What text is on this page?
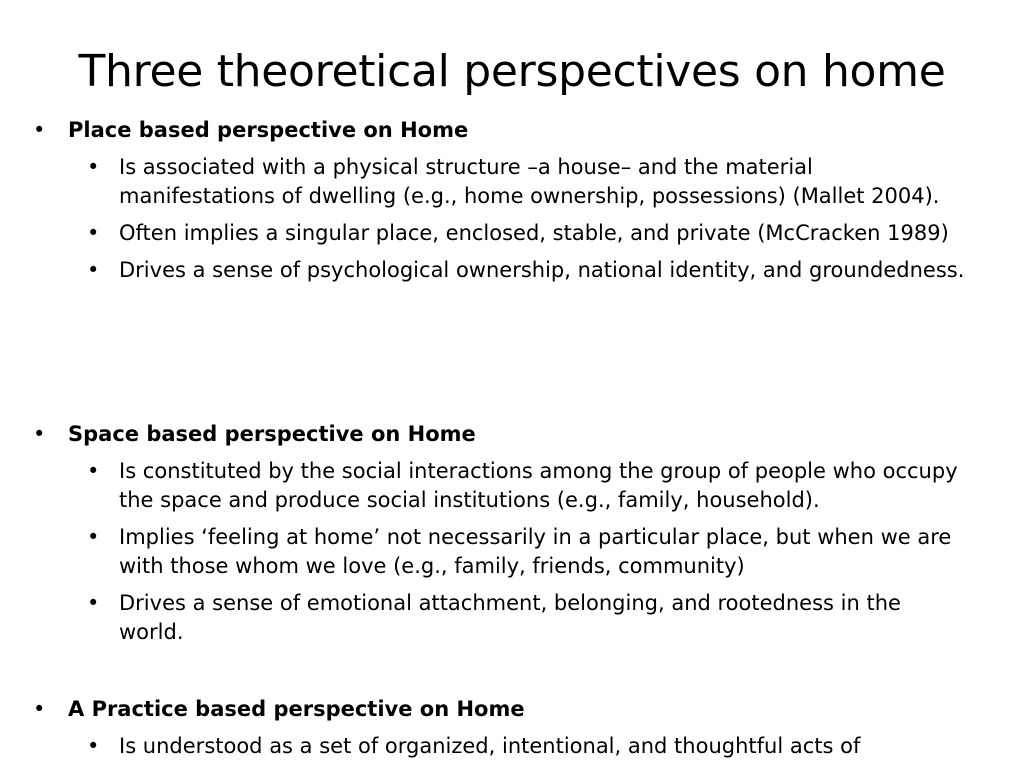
Three theoretical perspectives on home
• Place based perspective on Home
• Is associated with a physical structure –a house– and the material manifestations of dwelling (e.g., home ownership, possessions) (Mallet 2004).
• Often implies a singular place, enclosed, stable, and private (McCracken 1989)
• Drives a sense of psychological ownership, national identity, and groundedness.
• Space based perspective on Home
• Is constituted by the social interactions among the group of people who occupy the space and produce social institutions (e.g., family, household).
• Implies ‘feeling at home’ not necessarily in a particular place, but when we are with those whom we love (e.g., family, friends, community)
• Drives a sense of emotional attachment, belonging, and rootedness in the world.
• A Practice based perspective on Home
• Is understood as a set of organized, intentional, and thoughtful acts of
